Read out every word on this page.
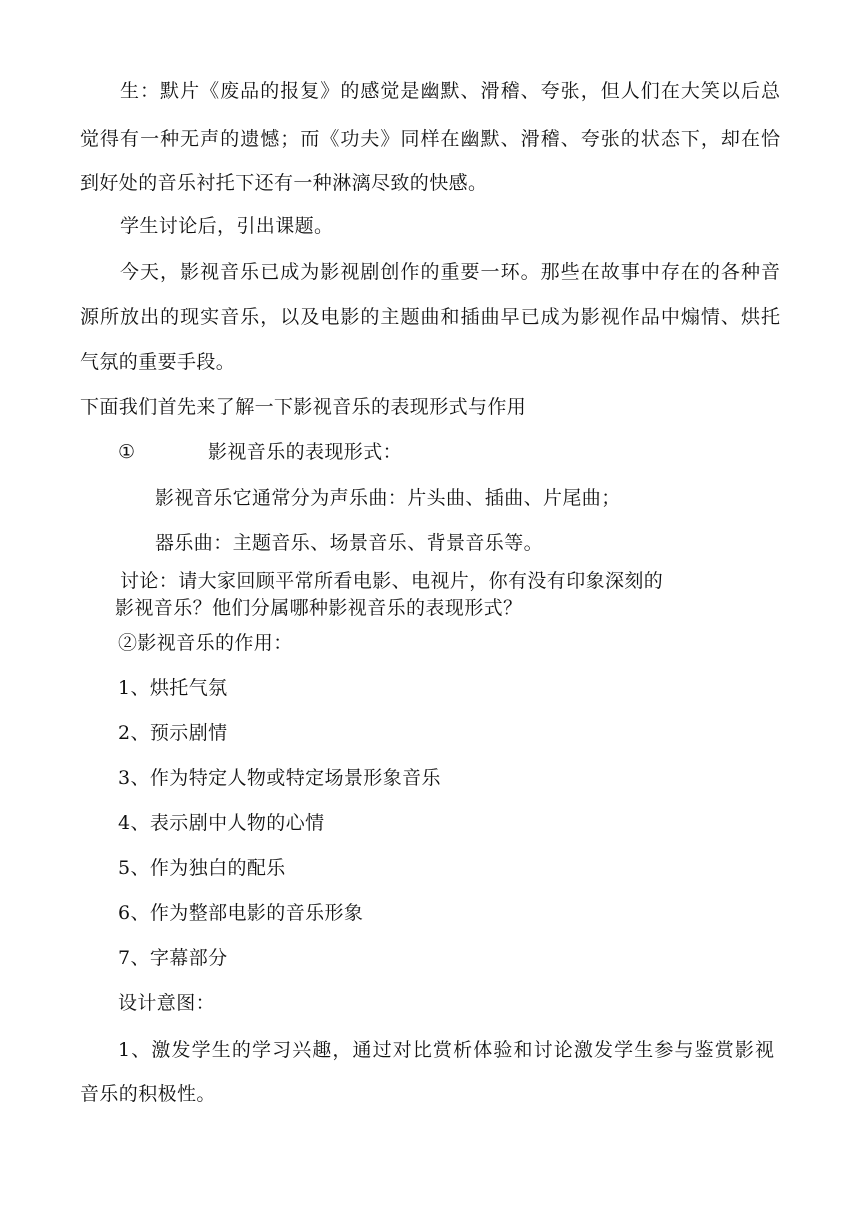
生：默片《废品的报复》的感觉是幽默、滑稽、夸张，但人们在大笑以后总
觉得有一种无声的遗憾；而《功夫》同样在幽默、滑稽、夸张的状态下，却在恰
到好处的音乐衬托下还有一种淋漓尽致的快感。
学生讨论后，引出课题。
今天，影视音乐已成为影视剧创作的重要一环。那些在故事中存在的各种音
源所放出的现实音乐，以及电影的主题曲和插曲早已成为影视作品中煽情、烘托
气氛的重要手段。
下面我们首先来了解一下影视音乐的表现形式与作用
①	影视音乐的表现形式：
影视音乐它通常分为声乐曲：片头曲、插曲、片尾曲；
器乐曲：主题音乐、场景音乐、背景音乐等。
讨论：请大家回顾平常所看电影、电视片，你有没有印象深刻的
影视音乐？他们分属哪种影视音乐的表现形式？
②影视音乐的作用：
1、烘托气氛
2、预示剧情
3、作为特定人物或特定场景形象音乐
4、表示剧中人物的心情
5、作为独白的配乐
6、作为整部电影的音乐形象
7、字幕部分
设计意图：
1、激发学生的学习兴趣，通过对比赏析体验和讨论激发学生参与鉴赏影视
音乐的积极性。
